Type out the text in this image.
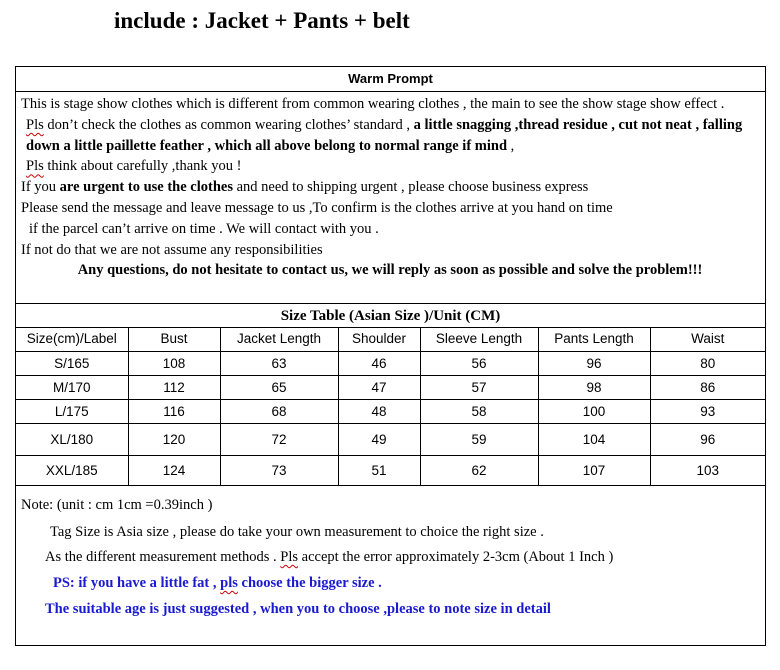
include : Jacket + Pants + belt
Warm Prompt

This is stage show clothes which is different from common wearing clothes , the main to see the show stage show effect .

Pls don’t check the clothes as common wearing clothes’ standard , a little snagging ,thread residue , cut not neat , falling down a little paillette feather , which all above belong to normal range if mind ,

Pls think about carefully ,thank you !

If you are urgent to use the clothes and need to shipping urgent , please choose business express

Please send the message and leave message to us ,To confirm is the clothes arrive at you hand on time

if the parcel can’t arrive on time . We will contact with you .

If not do that we are not assume any responsibilities

Any questions, do not hesitate to contact us, we will reply as soon as possible and solve the problem!!!

Size Table (Asian Size )/Unit (CM)
Size(cm)/Label	Bust	Jacket Length	Shoulder	Sleeve Length	Pants Length	Waist
S/165	108	63	46	56	96	80
M/170	112	65	47	57	98	86
L/175	116	68	48	58	100	93
XL/180	120	72	49	59	104	96
XXL/185	124	73	51	62	107	103
Note: (unit : cm 1cm =0.39inch )
Tag Size is Asia size , please do take your own measurement to choice the right size .
As the different measurement methods . Pls accept the error approximately 2-3cm (About 1 Inch )
PS: if you have a little fat , pls choose the bigger size .
The suitable age is just suggested , when you to choose ,please to note size in detail
